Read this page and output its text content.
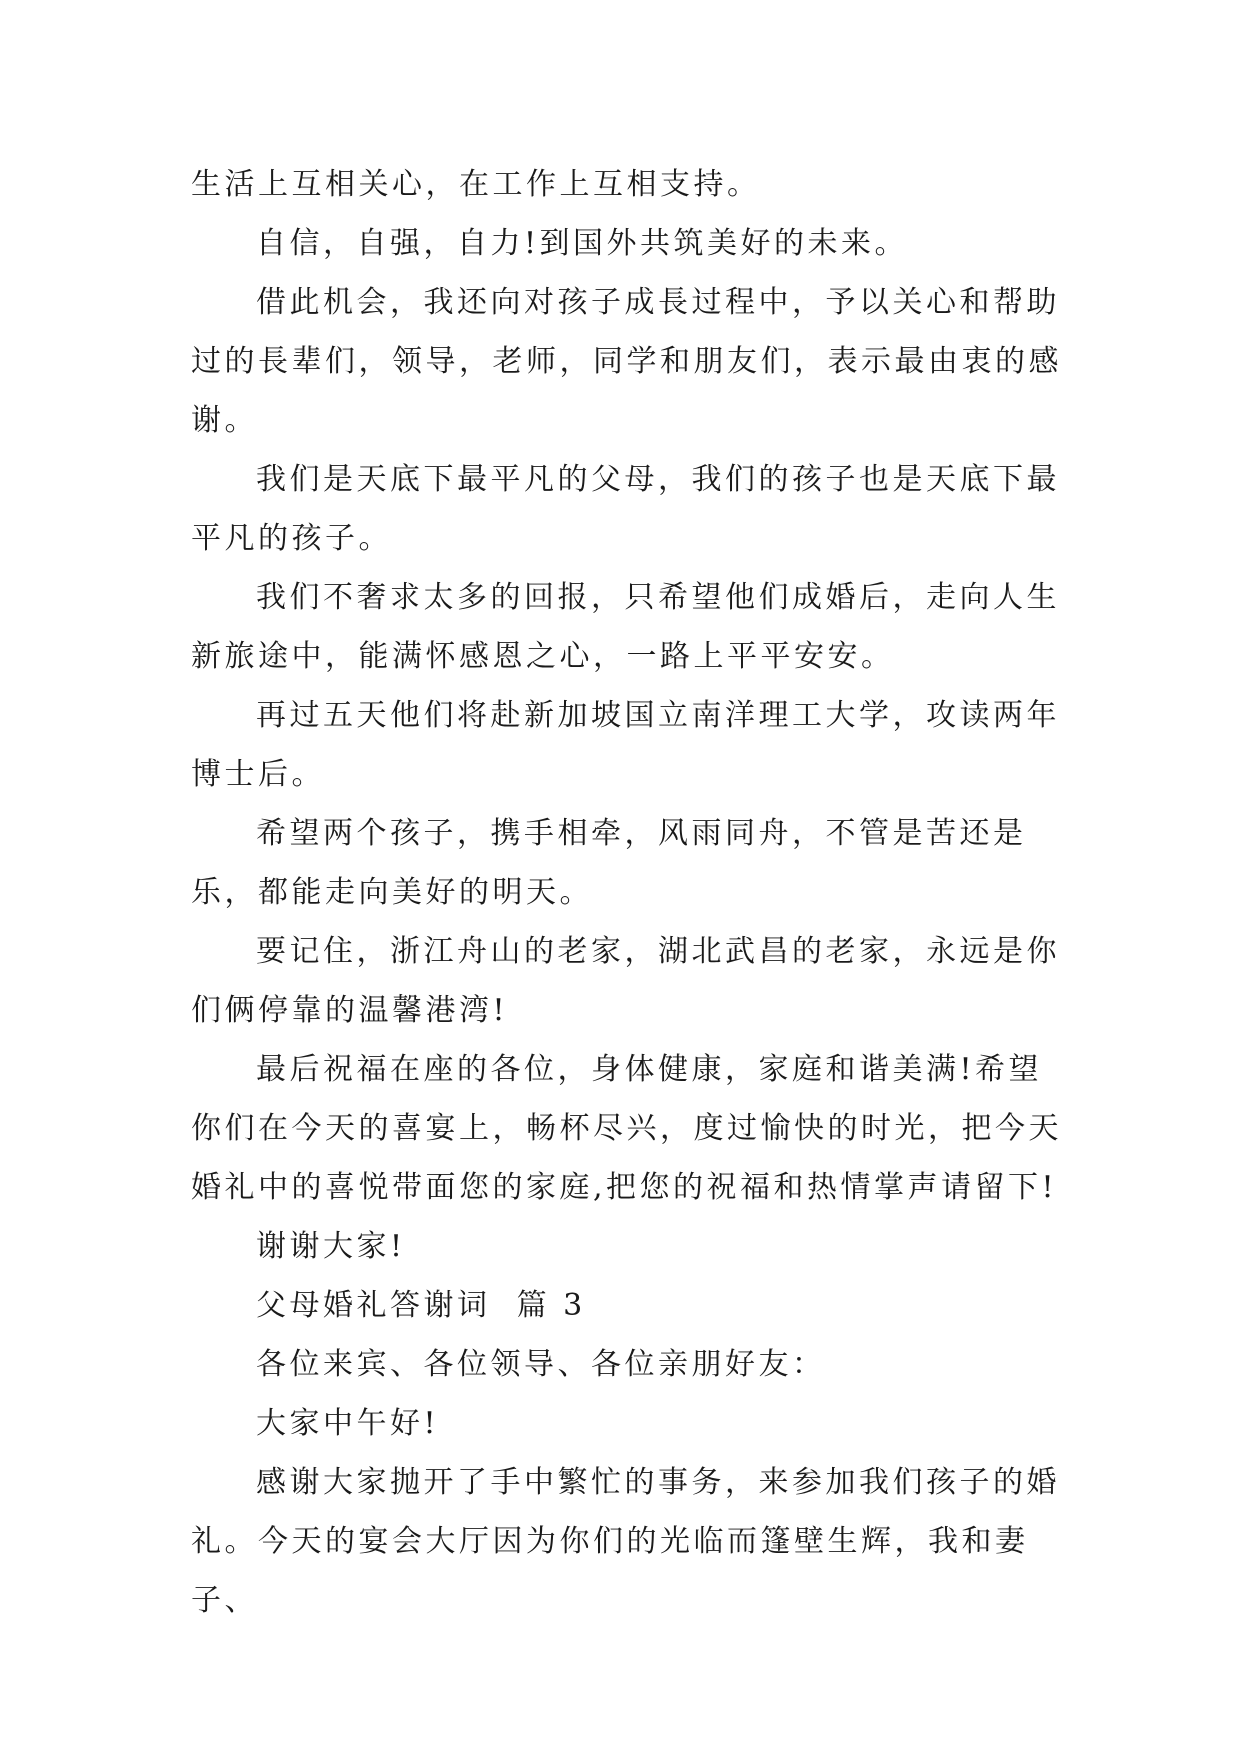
生活上互相关心，在工作上互相支持。

自信，自强，自力!到国外共筑美好的未来。

借此机会，我还向对孩子成長过程中，予以关心和帮助过的長辈们，领导，老师，同学和朋友们，表示最由衷的感谢。

我们是天底下最平凡的父母，我们的孩子也是天底下最平凡的孩子。

我们不奢求太多的回报，只希望他们成婚后，走向人生新旅途中，能满怀感恩之心，一路上平平安安。

再过五天他们将赴新加坡国立南洋理工大学，攻读两年博士后。

希望两个孩子，携手相牵，风雨同舟，不管是苦还是乐，都能走向美好的明天。

要记住，浙江舟山的老家，湖北武昌的老家，永远是你们俩停靠的温馨港湾!

最后祝福在座的各位，身体健康，家庭和谐美满!希望你们在今天的喜宴上，畅杯尽兴，度过愉快的时光，把今天婚礼中的喜悦带面您的家庭,把您的祝福和热情掌声请留下!

谢谢大家!

父母婚礼答谢词  篇 3

各位来宾、各位领导、各位亲朋好友：

大家中午好!

感谢大家抛开了手中繁忙的事务，来参加我们孩子的婚礼。今天的宴会大厅因为你们的光临而篷壁生辉，我和妻子、
